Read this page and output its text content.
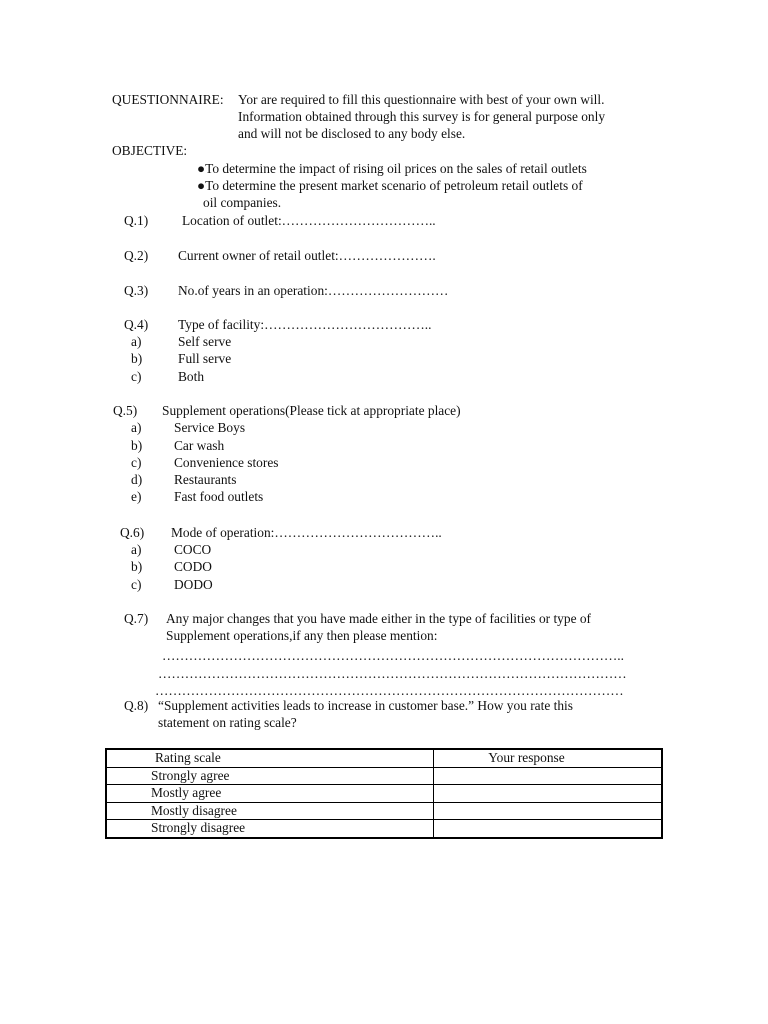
QUESTIONNAIRE: Yor are required to fill this questionnaire with best of your own will.
Information obtained through this survey is for general purpose only
and will not be disclosed to any body else.
OBJECTIVE:
●To determine the impact of rising oil prices on the sales of retail outlets
●To determine the present market scenario of petroleum retail outlets of
oil companies.
Q.1)	Location of outlet:……………………………..
Q.2) Current owner of retail outlet:………………….
Q.3) No.of years in an operation:………………………
Q.4) Type of facility:………………………………..
a)	Self serve
b)	Full serve
c)	Both
Q.5) Supplement operations(Please tick at appropriate place)
a) Service Boys
b) Car wash
c) Convenience stores
d) Restaurants
e) Fast food outlets
Q.6) Mode of operation:………………………………..
a) COCO
b) CODO
c) DODO
Q.7) Any major changes that you have made either in the type of facilities or type of
Supplement operations,if any then please mention:
…………………………………………………………………………………………..
……………………………………………………………………………………………
……………………………………………………………………………………………
Q.8) “Supplement activities leads to increase in customer base.” How you rate this
statement on rating scale?
Rating scale	Your response
Strongly agree	
Mostly agree	
Mostly disagree	
Strongly disagree	
